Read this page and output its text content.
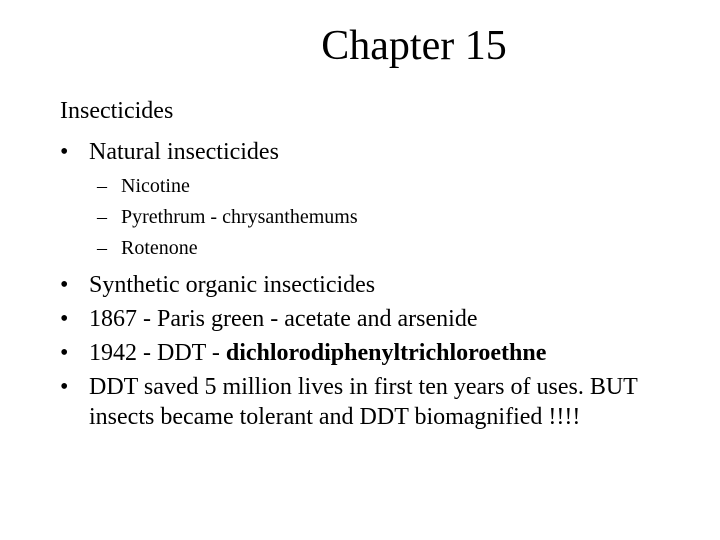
Chapter 15
Insecticides
• Natural insecticides
– Nicotine
– Pyrethrum - chrysanthemums
– Rotenone
• Synthetic organic insecticides
• 1867 - Paris green - acetate and arsenide
• 1942 - DDT - dichlorodiphenyltrichloroethne
• DDT saved 5 million lives in first ten years of uses. BUT insects became tolerant and DDT biomagnified !!!!
